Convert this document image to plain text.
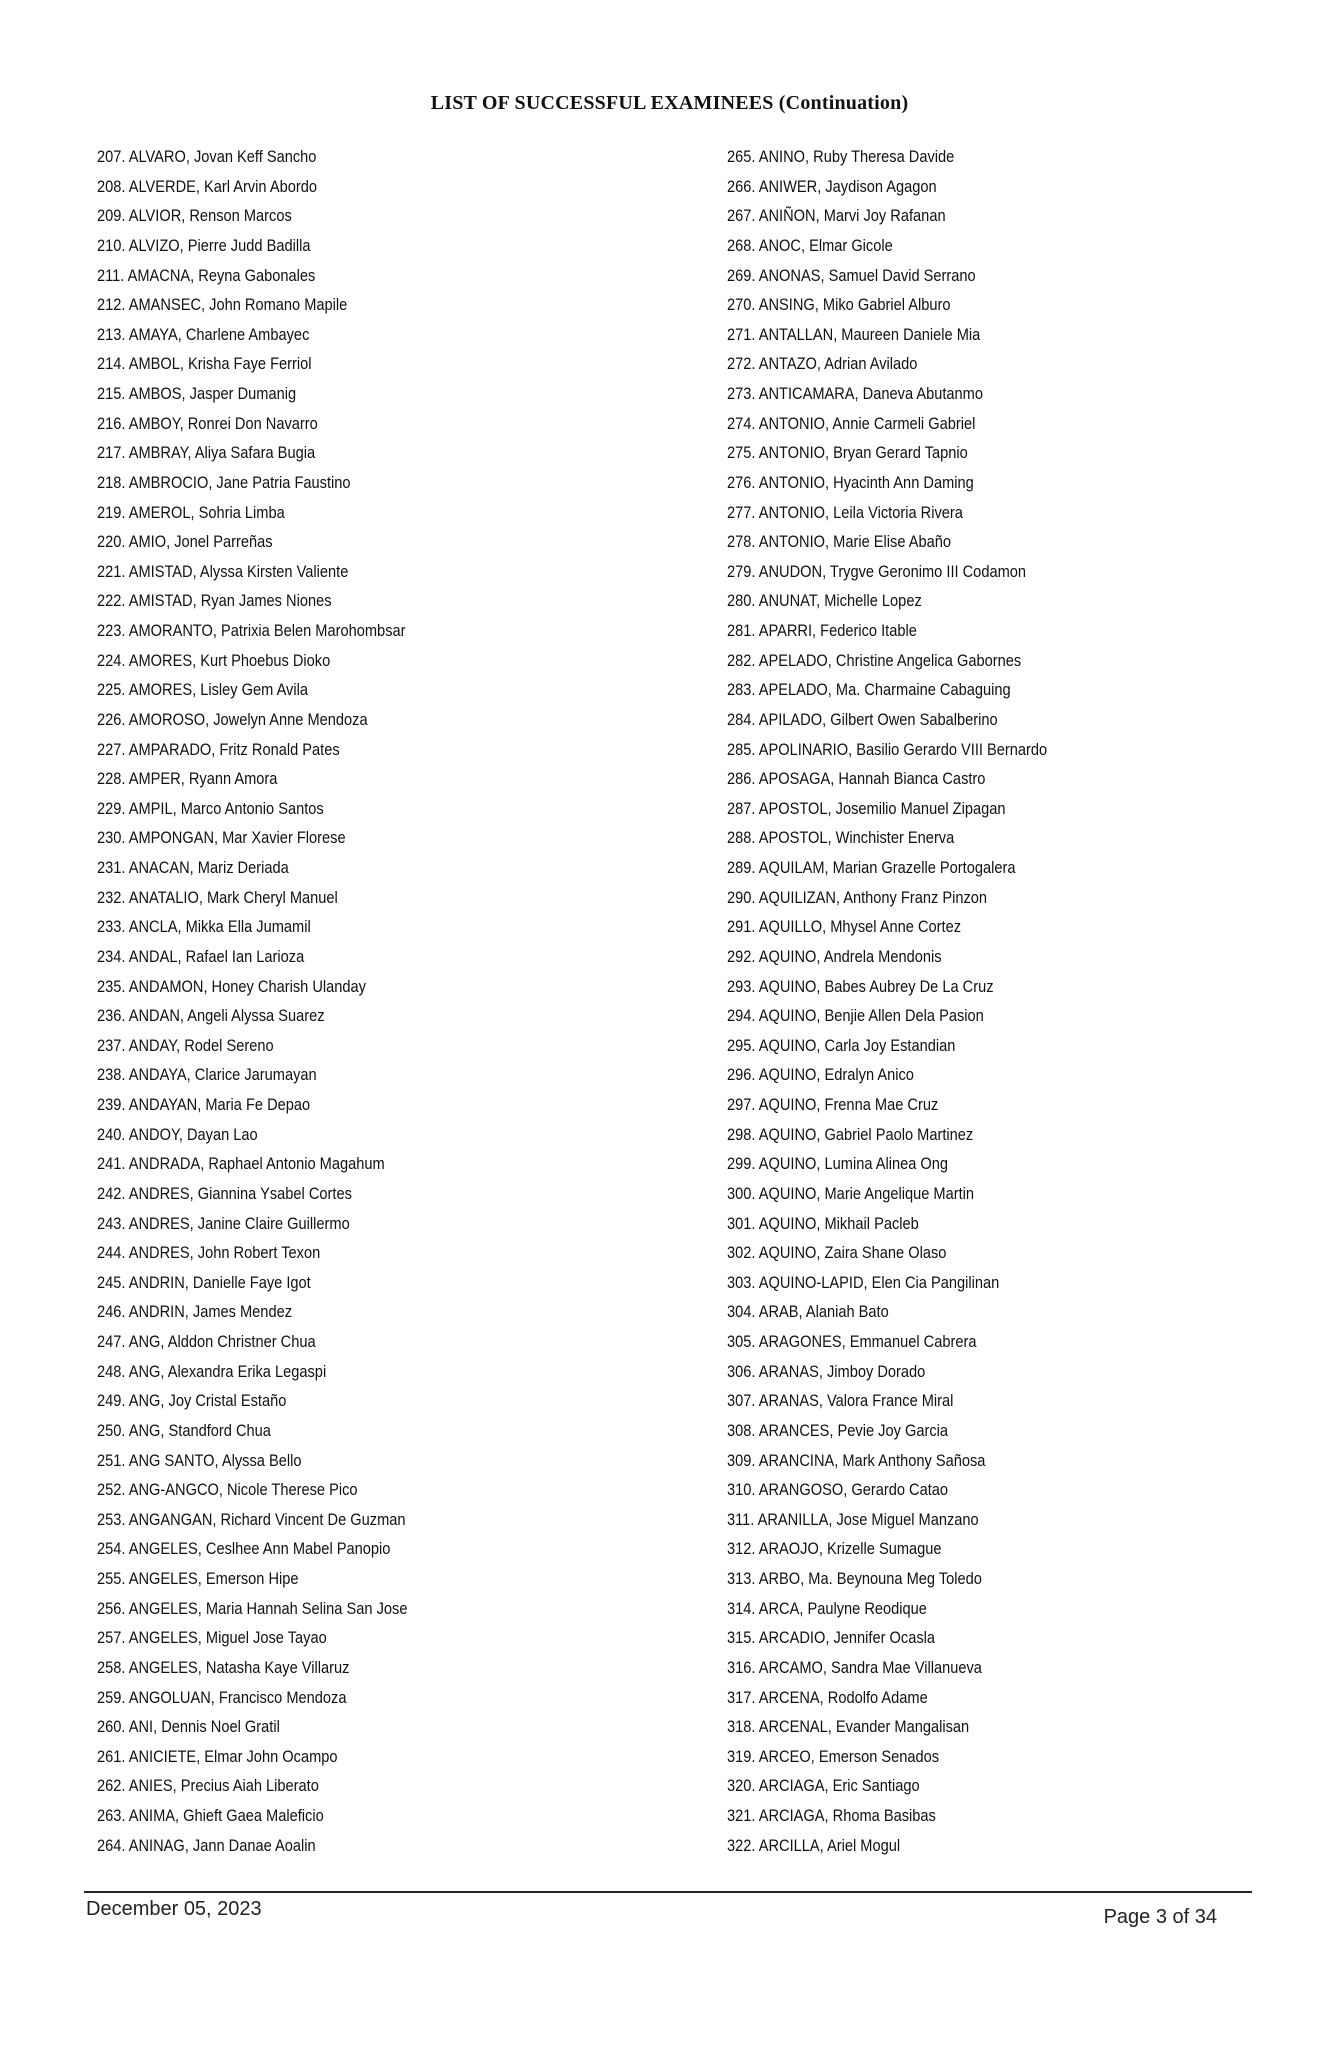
LIST OF SUCCESSFUL EXAMINEES (Continuation)
207. ALVARO, Jovan Keff Sancho
208. ALVERDE, Karl Arvin Abordo
209. ALVIOR, Renson Marcos
210. ALVIZO, Pierre Judd Badilla
211. AMACNA, Reyna Gabonales
212. AMANSEC, John Romano Mapile
213. AMAYA, Charlene Ambayec
214. AMBOL, Krisha Faye Ferriol
215. AMBOS, Jasper Dumanig
216. AMBOY, Ronrei Don Navarro
217. AMBRAY, Aliya Safara Bugia
218. AMBROCIO, Jane Patria Faustino
219. AMEROL, Sohria Limba
220. AMIO, Jonel Parreñas
221. AMISTAD, Alyssa Kirsten Valiente
222. AMISTAD, Ryan James Niones
223. AMORANTO, Patrixia Belen Marohombsar
224. AMORES, Kurt Phoebus Dioko
225. AMORES, Lisley Gem Avila
226. AMOROSO, Jowelyn Anne Mendoza
227. AMPARADO, Fritz Ronald Pates
228. AMPER, Ryann Amora
229. AMPIL, Marco Antonio Santos
230. AMPONGAN, Mar Xavier Florese
231. ANACAN, Mariz Deriada
232. ANATALIO, Mark Cheryl Manuel
233. ANCLA, Mikka Ella Jumamil
234. ANDAL, Rafael Ian Larioza
235. ANDAMON, Honey Charish Ulanday
236. ANDAN, Angeli Alyssa Suarez
237. ANDAY, Rodel Sereno
238. ANDAYA, Clarice Jarumayan
239. ANDAYAN, Maria Fe Depao
240. ANDOY, Dayan Lao
241. ANDRADA, Raphael Antonio Magahum
242. ANDRES, Giannina Ysabel Cortes
243. ANDRES, Janine Claire Guillermo
244. ANDRES, John Robert Texon
245. ANDRIN, Danielle Faye Igot
246. ANDRIN, James Mendez
247. ANG, Alddon Christner Chua
248. ANG, Alexandra Erika Legaspi
249. ANG, Joy Cristal Estaño
250. ANG, Standford Chua
251. ANG SANTO, Alyssa Bello
252. ANG-ANGCO, Nicole Therese Pico
253. ANGANGAN, Richard Vincent De Guzman
254. ANGELES, Ceslhee Ann Mabel Panopio
255. ANGELES, Emerson Hipe
256. ANGELES, Maria Hannah Selina San Jose
257. ANGELES, Miguel Jose Tayao
258. ANGELES, Natasha Kaye Villaruz
259. ANGOLUAN, Francisco Mendoza
260. ANI, Dennis Noel Gratil
261. ANICIETE, Elmar John Ocampo
262. ANIES, Precius Aiah Liberato
263. ANIMA, Ghieft Gaea Maleficio
264. ANINAG, Jann Danae Aoalin
265. ANINO, Ruby Theresa Davide
266. ANIWER, Jaydison Agagon
267. ANIÑON, Marvi Joy Rafanan
268. ANOC, Elmar Gicole
269. ANONAS, Samuel David Serrano
270. ANSING, Miko Gabriel Alburo
271. ANTALLAN, Maureen Daniele Mia
272. ANTAZO, Adrian Avilado
273. ANTICAMARA, Daneva Abutanmo
274. ANTONIO, Annie Carmeli Gabriel
275. ANTONIO, Bryan Gerard Tapnio
276. ANTONIO, Hyacinth Ann Daming
277. ANTONIO, Leila Victoria Rivera
278. ANTONIO, Marie Elise Abaño
279. ANUDON, Trygve Geronimo III Codamon
280. ANUNAT, Michelle Lopez
281. APARRI, Federico Itable
282. APELADO, Christine Angelica Gabornes
283. APELADO, Ma. Charmaine Cabaguing
284. APILADO, Gilbert Owen Sabalberino
285. APOLINARIO, Basilio Gerardo VIII Bernardo
286. APOSAGA, Hannah Bianca Castro
287. APOSTOL, Josemilio Manuel Zipagan
288. APOSTOL, Winchister Enerva
289. AQUILAM, Marian Grazelle Portogalera
290. AQUILIZAN, Anthony Franz Pinzon
291. AQUILLO, Mhysel Anne Cortez
292. AQUINO, Andrela Mendonis
293. AQUINO, Babes Aubrey De La Cruz
294. AQUINO, Benjie Allen Dela Pasion
295. AQUINO, Carla Joy Estandian
296. AQUINO, Edralyn Anico
297. AQUINO, Frenna Mae Cruz
298. AQUINO, Gabriel Paolo Martinez
299. AQUINO, Lumina Alinea Ong
300. AQUINO, Marie Angelique Martin
301. AQUINO, Mikhail Pacleb
302. AQUINO, Zaira Shane Olaso
303. AQUINO-LAPID, Elen Cia Pangilinan
304. ARAB, Alaniah Bato
305. ARAGONES, Emmanuel Cabrera
306. ARANAS, Jimboy Dorado
307. ARANAS, Valora France Miral
308. ARANCES, Pevie Joy Garcia
309. ARANCINA, Mark Anthony Sañosa
310. ARANGOSO, Gerardo Catao
311. ARANILLA, Jose Miguel Manzano
312. ARAOJO, Krizelle Sumague
313. ARBO, Ma. Beynouna Meg Toledo
314. ARCA, Paulyne Reodique
315. ARCADIO, Jennifer Ocasla
316. ARCAMO, Sandra Mae Villanueva
317. ARCENA, Rodolfo Adame
318. ARCENAL, Evander Mangalisan
319. ARCEO, Emerson Senados
320. ARCIAGA, Eric Santiago
321. ARCIAGA, Rhoma Basibas
322. ARCILLA, Ariel Mogul
December 05, 2023	Page 3 of 34
